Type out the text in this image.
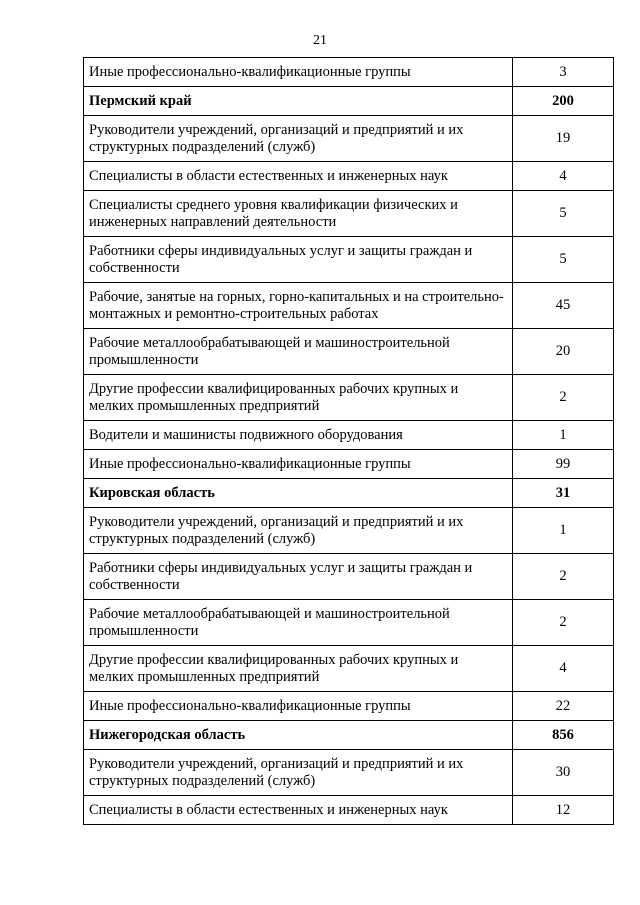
21
Иные профессионально-квалификационные группы	3
Пермский край	200
Руководители учреждений, организаций и предприятий и их структурных подразделений (служб)	19
Специалисты в области естественных и инженерных наук	4
Специалисты среднего уровня квалификации физических и инженерных направлений деятельности	5
Работники сферы индивидуальных услуг и защиты граждан и собственности	5
Рабочие, занятые на горных, горно-капитальных и на строительно-монтажных и ремонтно-строительных работах	45
Рабочие металлообрабатывающей и машиностроительной промышленности	20
Другие профессии квалифицированных рабочих крупных и мелких промышленных предприятий	2
Водители и машинисты подвижного оборудования	1
Иные профессионально-квалификационные группы	99
Кировская область	31
Руководители учреждений, организаций и предприятий и их структурных подразделений (служб)	1
Работники сферы индивидуальных услуг и защиты граждан и собственности	2
Рабочие металлообрабатывающей и машиностроительной промышленности	2
Другие профессии квалифицированных рабочих крупных и мелких промышленных предприятий	4
Иные профессионально-квалификационные группы	22
Нижегородская область	856
Руководители учреждений, организаций и предприятий и их структурных подразделений (служб)	30
Специалисты в области естественных и инженерных наук	12
